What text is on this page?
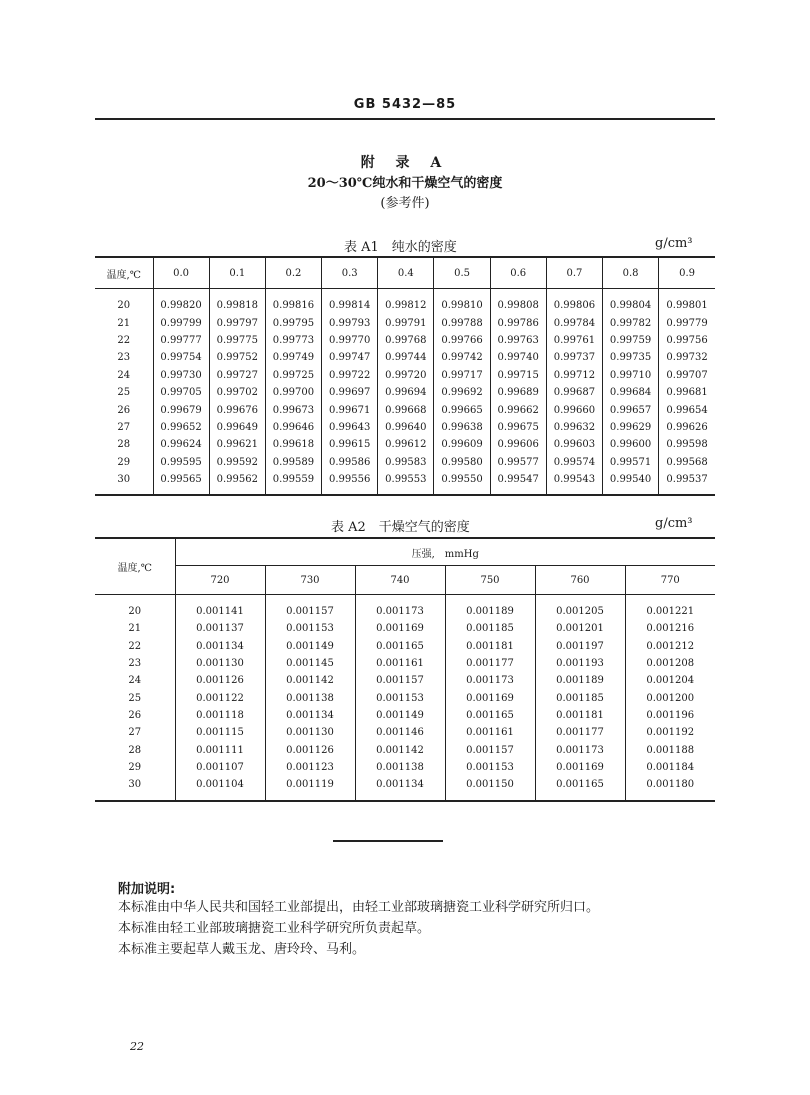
GB 5432—85
附 录 A
20～30℃纯水和干燥空气的密度
(参考件)
表 A1　纯水的密度	g/cm³
温度,℃	0.0	0.1	0.2	0.3	0.4	0.5	0.6	0.7	0.8	0.9

20	0.99820	0.99818	0.99816	0.99814	0.99812	0.99810	0.99808	0.99806	0.99804	0.99801
21	0.99799	0.99797	0.99795	0.99793	0.99791	0.99788	0.99786	0.99784	0.99782	0.99779
22	0.99777	0.99775	0.99773	0.99770	0.99768	0.99766	0.99763	0.99761	0.99759	0.99756
23	0.99754	0.99752	0.99749	0.99747	0.99744	0.99742	0.99740	0.99737	0.99735	0.99732
24	0.99730	0.99727	0.99725	0.99722	0.99720	0.99717	0.99715	0.99712	0.99710	0.99707
25	0.99705	0.99702	0.99700	0.99697	0.99694	0.99692	0.99689	0.99687	0.99684	0.99681
26	0.99679	0.99676	0.99673	0.99671	0.99668	0.99665	0.99662	0.99660	0.99657	0.99654
27	0.99652	0.99649	0.99646	0.99643	0.99640	0.99638	0.99675	0.99632	0.99629	0.99626
28	0.99624	0.99621	0.99618	0.99615	0.99612	0.99609	0.99606	0.99603	0.99600	0.99598
29	0.99595	0.99592	0.99589	0.99586	0.99583	0.99580	0.99577	0.99574	0.99571	0.99568
30	0.99565	0.99562	0.99559	0.99556	0.99553	0.99550	0.99547	0.99543	0.99540	0.99537

表 A2　干燥空气的密度	g/cm³
温度,℃	压强,　mmHg					
	720	730	740	750	760	770

20	0.001141	0.001157	0.001173	0.001189	0.001205	0.001221
21	0.001137	0.001153	0.001169	0.001185	0.001201	0.001216
22	0.001134	0.001149	0.001165	0.001181	0.001197	0.001212
23	0.001130	0.001145	0.001161	0.001177	0.001193	0.001208
24	0.001126	0.001142	0.001157	0.001173	0.001189	0.001204
25	0.001122	0.001138	0.001153	0.001169	0.001185	0.001200
26	0.001118	0.001134	0.001149	0.001165	0.001181	0.001196
27	0.001115	0.001130	0.001146	0.001161	0.001177	0.001192
28	0.001111	0.001126	0.001142	0.001157	0.001173	0.001188
29	0.001107	0.001123	0.001138	0.001153	0.001169	0.001184
30	0.001104	0.001119	0.001134	0.001150	0.001165	0.001180

附加说明:
本标准由中华人民共和国轻工业部提出，由轻工业部玻璃搪瓷工业科学研究所归口。
本标准由轻工业部玻璃搪瓷工业科学研究所负责起草。
本标准主要起草人戴玉龙、唐玲玲、马利。
22
